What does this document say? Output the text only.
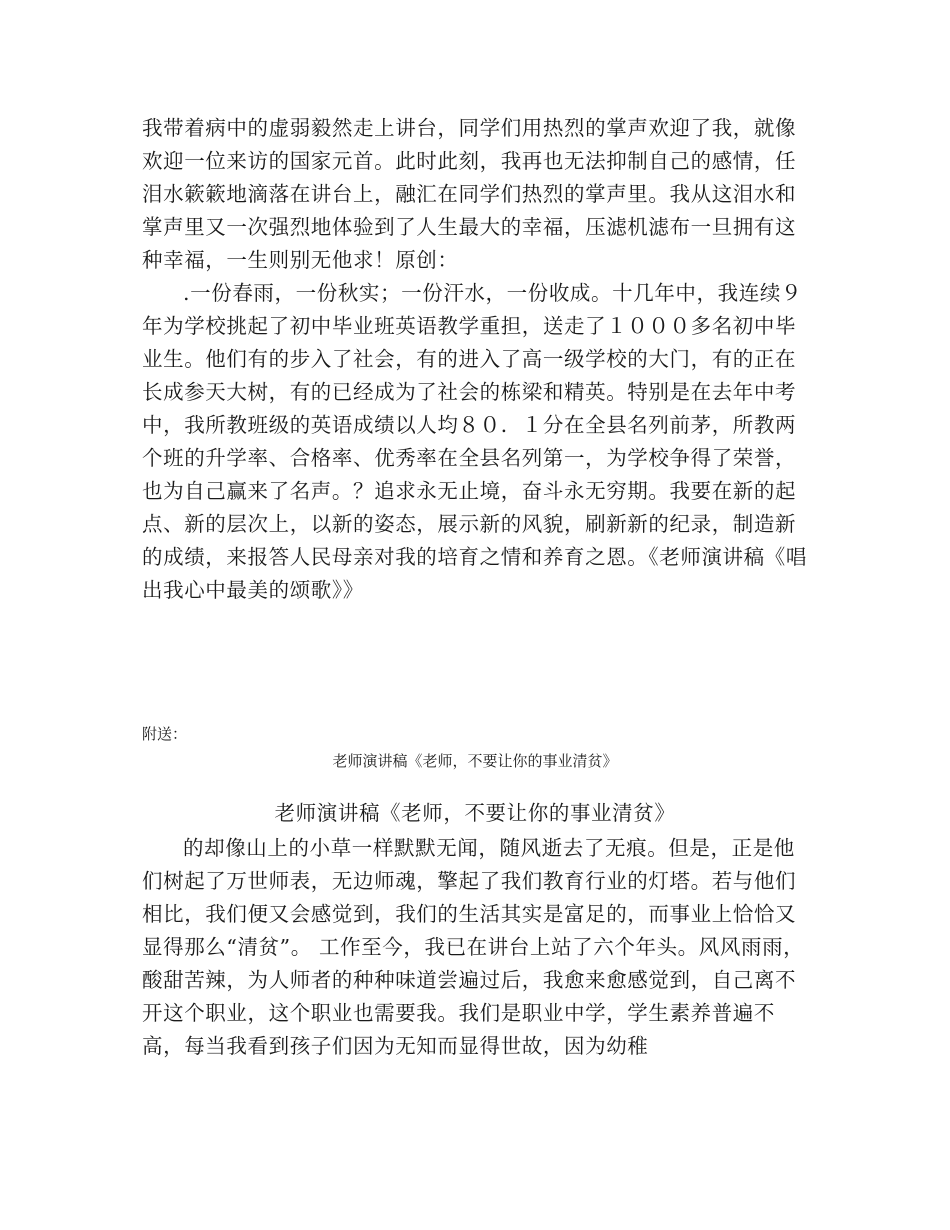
我带着病中的虚弱毅然走上讲台，同学们用热烈的掌声欢迎了我，就像欢迎一位来访的国家元首。此时此刻，我再也无法抑制自己的感情，任泪水簌簌地滴落在讲台上，融汇在同学们热烈的掌声里。我从这泪水和掌声里又一次强烈地体验到了人生最大的幸福，压滤机滤布一旦拥有这种幸福，一生则别无他求！原创：

.一份春雨，一份秋实；一份汗水，一份收成。十几年中，我连续９年为学校挑起了初中毕业班英语教学重担，送走了１０００多名初中毕业生。他们有的步入了社会，有的进入了高一级学校的大门，有的正在长成参天大树，有的已经成为了社会的栋梁和精英。特别是在去年中考中，我所教班级的英语成绩以人均８０．１分在全县名列前茅，所教两个班的升学率、合格率、优秀率在全县名列第一，为学校争得了荣誉，也为自己赢来了名声。？追求永无止境，奋斗永无穷期。我要在新的起点、新的层次上，以新的姿态，展示新的风貌，刷新新的纪录，制造新的成绩，来报答人民母亲对我的培育之情和养育之恩。《老师演讲稿《唱出我心中最美的颂歌》》

附送：
老师演讲稿《老师，不要让你的事业清贫》
老师演讲稿《老师，不要让你的事业清贫》

的却像山上的小草一样默默无闻，随风逝去了无痕。但是，正是他们树起了万世师表，无边师魂，擎起了我们教育行业的灯塔。若与他们相比，我们便又会感觉到，我们的生活其实是富足的，而事业上恰恰又显得那么“清贫”。 工作至今，我已在讲台上站了六个年头。风风雨雨，酸甜苦辣，为人师者的种种味道尝遍过后，我愈来愈感觉到，自己离不开这个职业，这个职业也需要我。我们是职业中学，学生素养普遍不高，每当我看到孩子们因为无知而显得世故，因为幼稚
